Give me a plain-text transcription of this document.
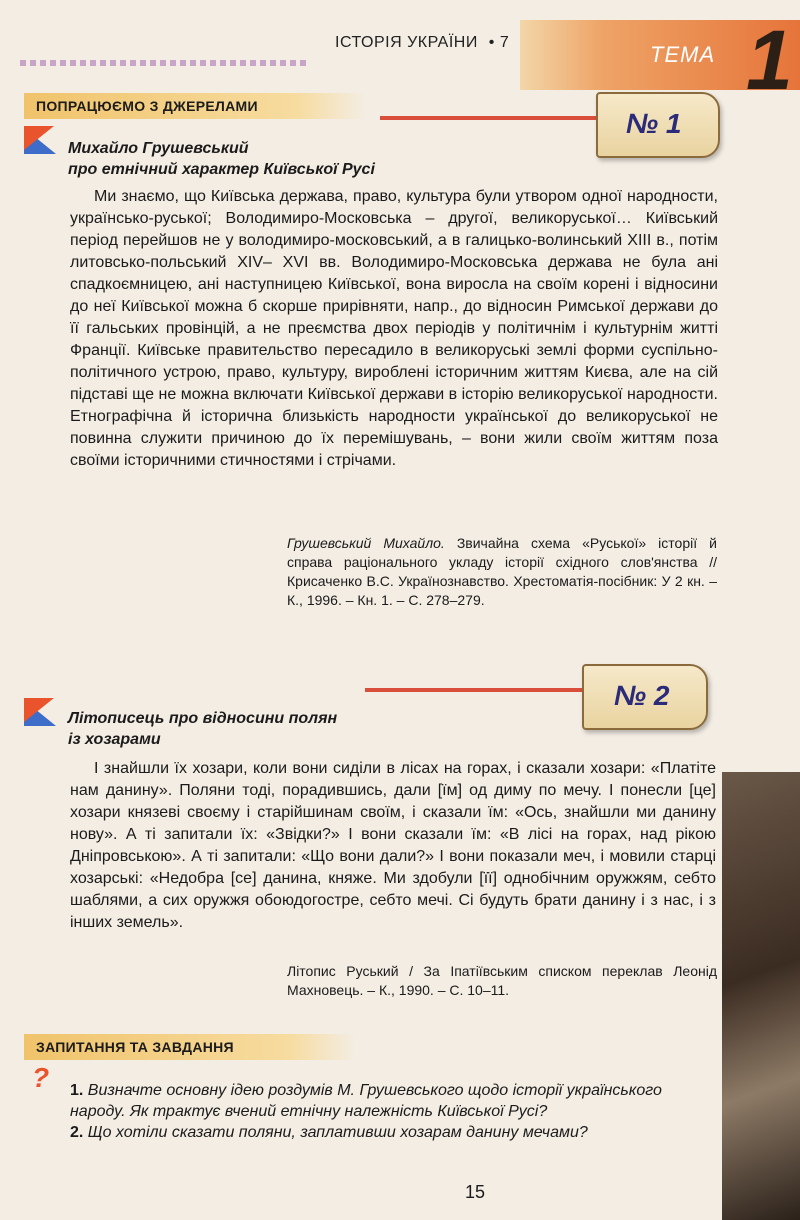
ТЕМА 1
ІСТОРІЯ УКРАЇНИ • 7
ПОПРАЦЮЄМО З ДЖЕРЕЛАМИ
№ 1
Михайло Грушевський
про етнічний характер Київської Русі
Ми знаємо, що Київська держава, право, культура були утвором одної народности, українсько-руської; Володимиро-Московська – другої, великоруської… Київський період перейшов не у володимиро-московський, а в галицько-волинський XIII в., потім литовсько-польський XIV– XVI вв. Володимиро-Московська держава не була ані спадкоємницею, ані наступницею Київської, вона виросла на своїм корені і відносини до неї Київської можна б скорше прирівняти, напр., до відносин Римської держави до її гальських провінцій, а не преємства двох періодів у політичнім і культурнім житті Франції. Київське правительство пересадило в великоруські землі форми суспільно-політичного устрою, право, культуру, вироблені історичним життям Києва, але на сій підставі ще не можна включати Київської держави в історію великоруської народности. Етнографічна й історична близькість народности української до великоруської не повинна служити причиною до їх перемішувань, – вони жили своїм життям поза своїми історичними стичностями і стрічами.
Грушевський Михайло. Звичайна схема «Руської» історії й справа раціонального укладу історії східного слов'янства // Крисаченко В.С. Українознавство. Хрестоматія-посібник: У 2 кн. – К., 1996. – Кн. 1. – С. 278–279.
№ 2
Літописець про відносини полян
із хозарами
І знайшли їх хозари, коли вони сиділи в лісах на горах, і сказали хозари: «Платіте нам данину». Поляни тоді, порадившись, дали [їм] од диму по мечу. І понесли [це] хозари князеві своєму і старійшинам своїм, і сказали їм: «Ось, знайшли ми данину нову». А ті запитали їх: «Звідки?» І вони сказали їм: «В лісі на горах, над рікою Дніпровською». А ті запитали: «Що вони дали?» І вони показали меч, і мовили старці хозарські: «Недобра [се] данина, княже. Ми здобули [її] однобічним оружжям, себто шаблями, а сих оружжя обоюдогостре, себто мечі. Сі будуть брати данину і з нас, і з інших земель».
Літопис Руський / За Іпатіївським списком переклав Леонід Махновець. – К., 1990. – С. 10–11.
ЗАПИТАННЯ ТА ЗАВДАННЯ
? 1. Визначте основну ідею роздумів М. Грушевського щодо історії українського народу. Як трактує вчений етнічну належність Київської Русі?
2. Що хотіли сказати поляни, заплативши хозарам данину мечами?
15
